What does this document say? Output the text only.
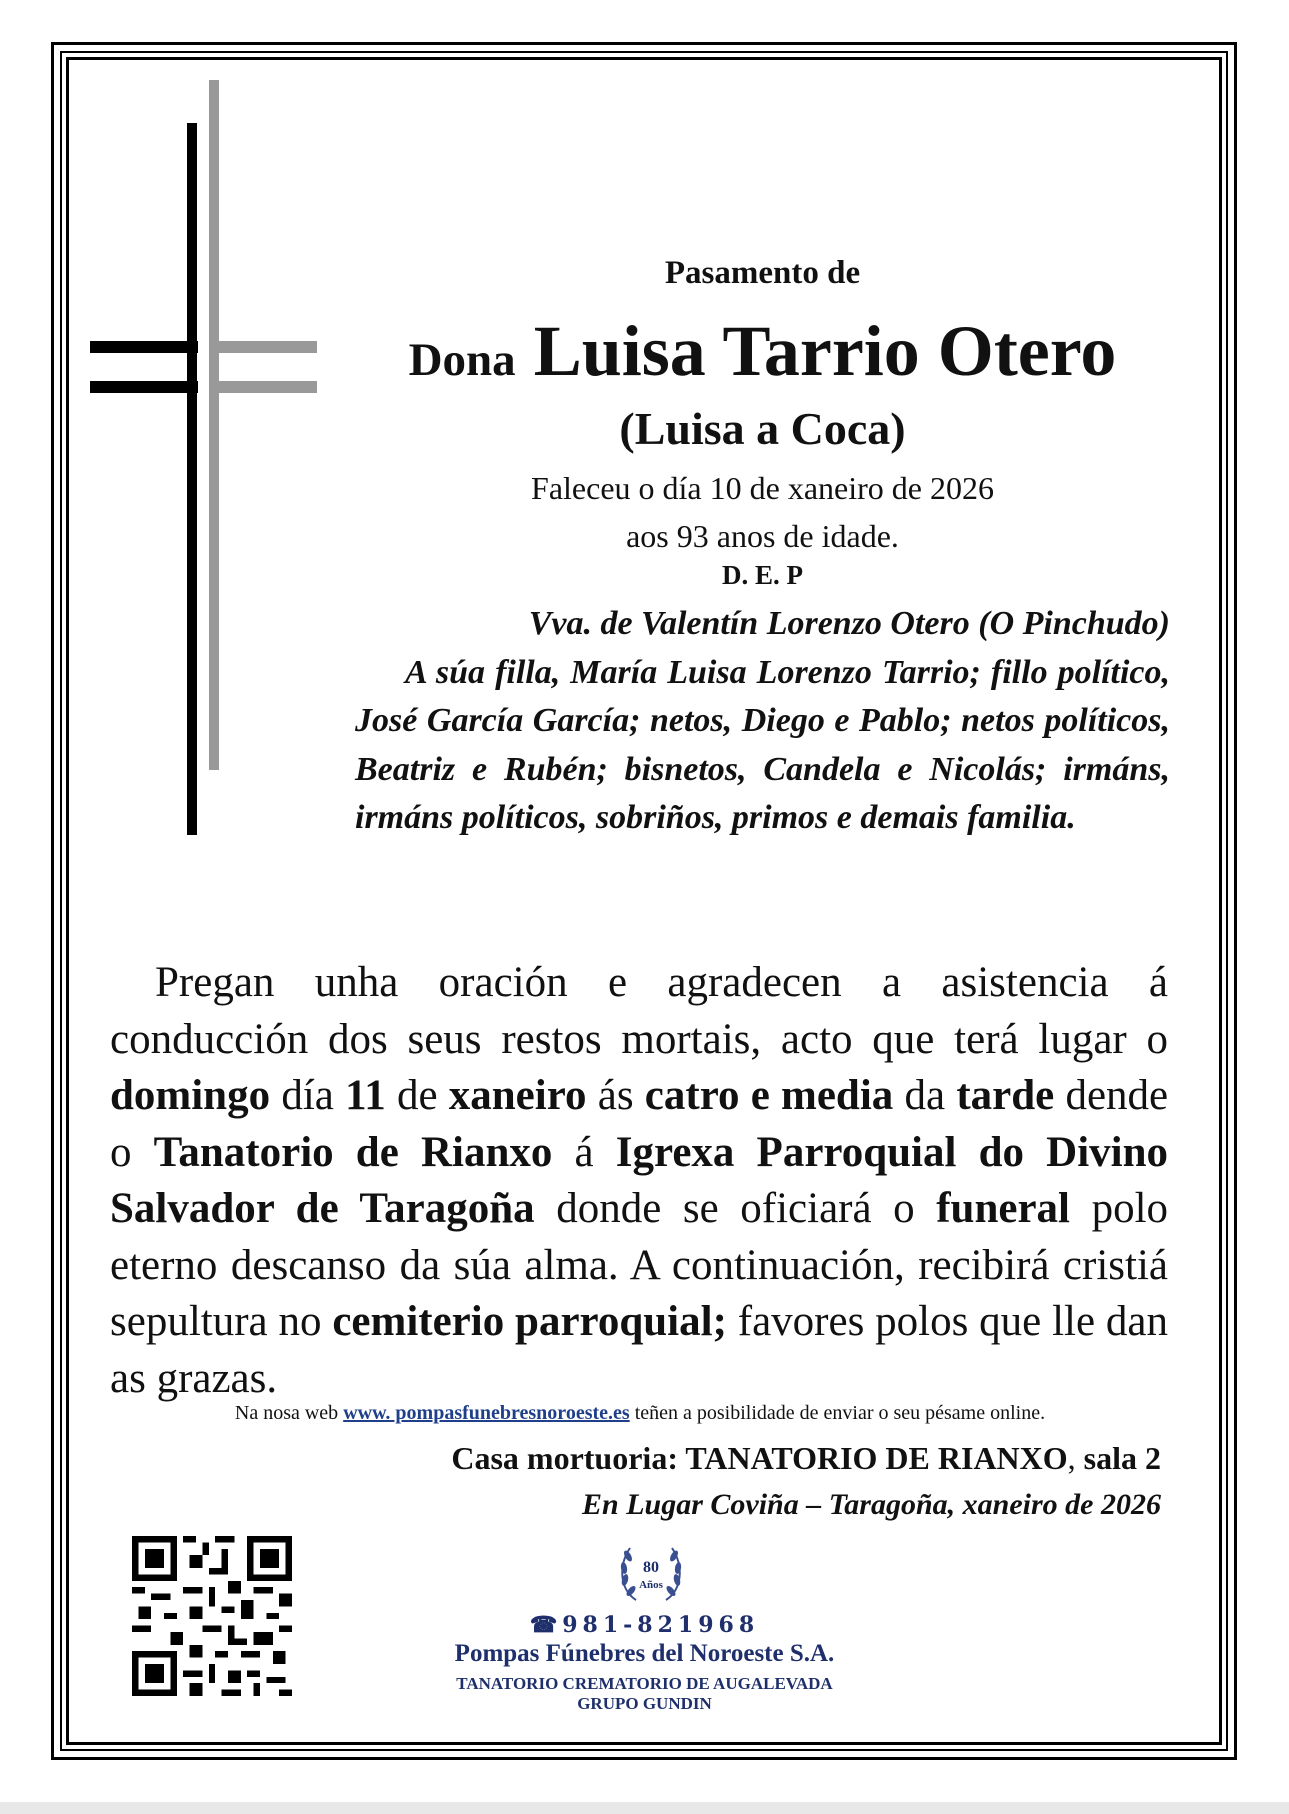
Pasamento de
Dona Luisa Tarrio Otero
(Luisa a Coca)
Faleceu o día 10 de xaneiro de 2026
aos 93 anos de idade.
D. E. P
Vva. de Valentín Lorenzo Otero (O Pinchudo)
A súa filla, María Luisa Lorenzo Tarrio; fillo político, José García García; netos, Diego e Pablo; netos políticos, Beatriz e Rubén; bisnetos, Candela e Nicolás; irmáns, irmáns políticos, sobriños, primos e demais familia.
Pregan unha oración e agradecen a asistencia á conducción dos seus restos mortais, acto que terá lugar o domingo día 11 de xaneiro ás catro e media da tarde dende o Tanatorio de Rianxo á Igrexa Parroquial do Divino Salvador de Taragoña donde se oficiará o funeral polo eterno descanso da súa alma. A continuación, recibirá cristiá sepultura no cemiterio parroquial; favores polos que lle dan as grazas.
Na nosa web www. pompasfunebresnoroeste.es teñen a posibilidade de enviar o seu pésame online.
Casa mortuoria: TANATORIO DE RIANXO, sala 2
En Lugar Coviña – Taragoña, xaneiro de 2026
80
Años
☎981-821968
Pompas Fúnebres del Noroeste S.A.
TANATORIO CREMATORIO DE AUGALEVADA
GRUPO GUNDIN
